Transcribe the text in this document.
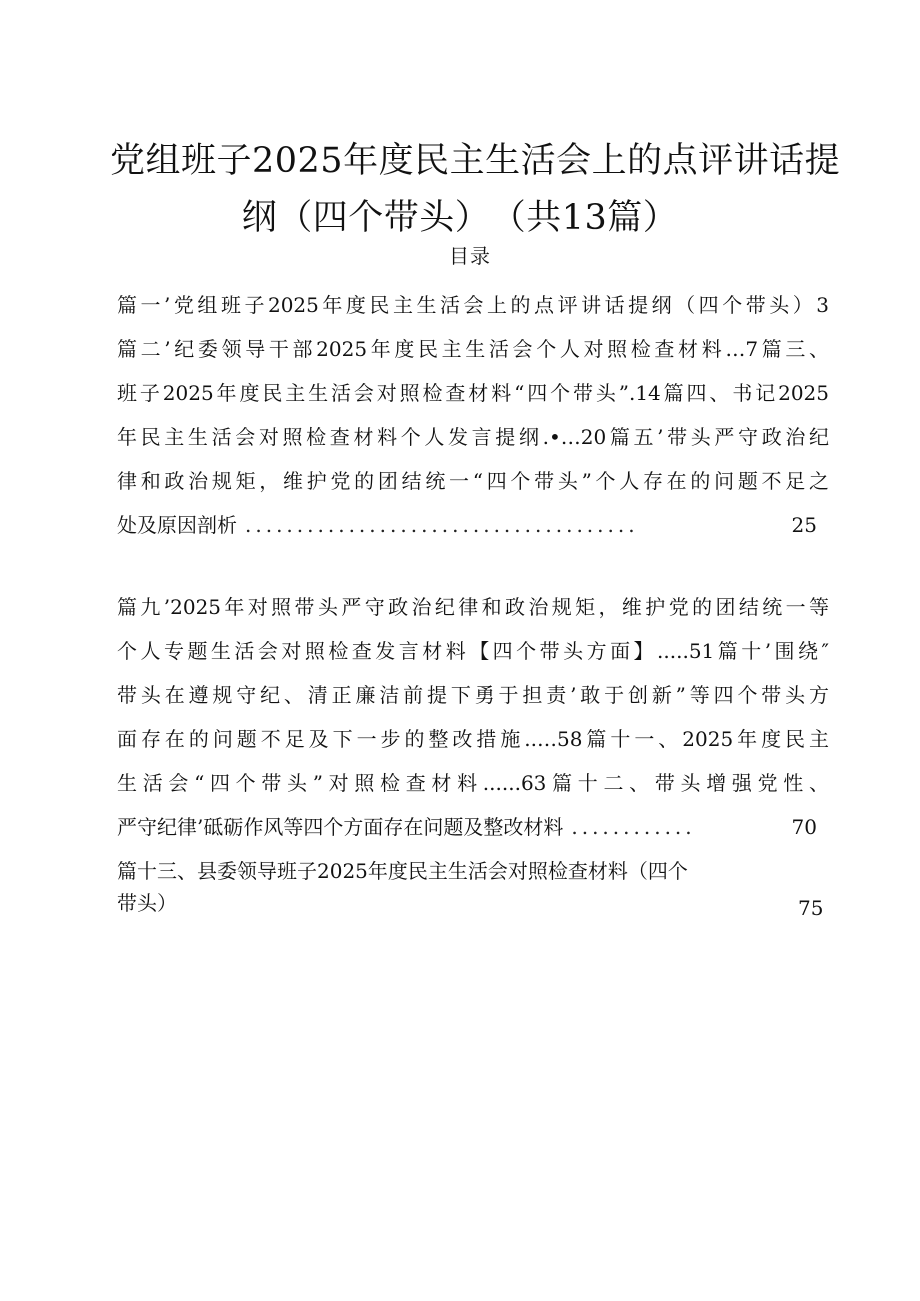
党组班子2025年度民主生活会上的点评讲话提
纲（四个带头）　（共13篇）
目录
篇一’党组班子2025年度民主生活会上的点评讲话提纲（四个带头）3
篇二’纪委领导干部2025年度民主生活会个人对照检查材料…7篇三、
班子2025年度民主生活会对照检查材料“四个带头”.14篇四、书记2025
年民主生活会对照检查材料个人发言提纲.•…20篇五’带头严守政治纪
律和政治规矩，维护党的团结统一“四个带头”个人存在的问题不足之
处及原因剖析 ......................................	25
篇九’2025年对照带头严守政治纪律和政治规矩，维护党的团结统一等
个人专题生活会对照检查发言材料【四个带头方面】.....51篇十’围绕″
带头在遵规守纪、清正廉洁前提下勇于担责’敢于创新”等四个带头方
面存在的问题不足及下一步的整改措施..…58篇十一、2025年度民主
生活会“四个带头”对照检查材料......63篇十二、带头增强党性、
严守纪律’砥砺作风等四个方面存在问题及整改材料 ............	70
篇十三、县委领导班子2025年度民主生活会对照检查材料（四个
带头）	75
